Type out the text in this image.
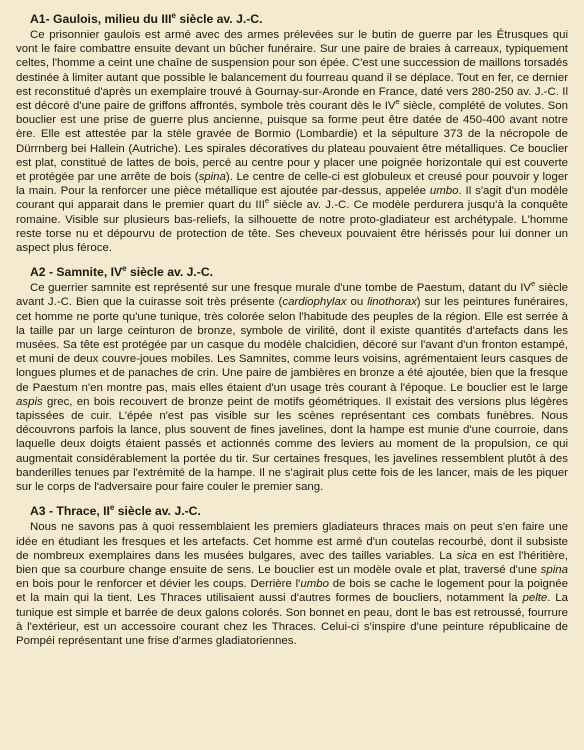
A1- Gaulois, milieu du IIIe siècle av. J.-C.

Ce prisonnier gaulois est armé avec des armes prélevées sur le butin de guerre par les Étrusques qui vont le faire combattre ensuite devant un bûcher funéraire. Sur une paire de braies à carreaux, typiquement celtes, l'homme a ceint une chaîne de suspension pour son épée. C'est une succession de maillons torsadés destinée à limiter autant que possible le balancement du fourreau quand il se déplace. Tout en fer, ce dernier est reconstitué d'après un exemplaire trouvé à Gournay-sur-Aronde en France, daté vers 280-250 av. J.-C. Il est décoré d'une paire de griffons affrontés, symbole très courant dès le IVe siècle, complété de volutes. Son bouclier est une prise de guerre plus ancienne, puisque sa forme peut être datée de 450-400 avant notre ère. Elle est attestée par la stèle gravée de Bormio (Lombardie) et la sépulture 373 de la nécropole de Dürrnberg bei Hallein (Autriche). Les spirales décoratives du plateau pouvaient être métalliques. Ce bouclier est plat, constitué de lattes de bois, percé au centre pour y placer une poignée horizontale qui est couverte et protégée par une arrête de bois (spina). Le centre de celle-ci est globuleux et creusé pour pouvoir y loger la main. Pour la renforcer une pièce métallique est ajoutée par-dessus, appelée umbo. Il s'agit d'un modèle courant qui apparait dans le premier quart du IIIe siècle av. J.-C. Ce modèle perdurera jusqu'à la conquête romaine. Visible sur plusieurs bas-reliefs, la silhouette de notre proto-gladiateur est archétypale. L'homme reste torse nu et dépourvu de protection de tête. Ses cheveux pouvaient être hérissés pour lui donner un aspect plus féroce.

A2 - Samnite, IVe siècle av. J.-C.

Ce guerrier samnite est représenté sur une fresque murale d'une tombe de Paestum, datant du IVe siècle avant J.-C. Bien que la cuirasse soit très présente (cardiophylax ou linothorax) sur les peintures funéraires, cet homme ne porte qu'une tunique, très colorée selon l'habitude des peuples de la région. Elle est serrée à la taille par un large ceinturon de bronze, symbole de virilité, dont il existe quantités d'artefacts dans les musées. Sa tête est protégée par un casque du modèle chalcidien, décoré sur l'avant d'un fronton estampé, et muni de deux couvre-joues mobiles. Les Samnites, comme leurs voisins, agrémentaient leurs casques de longues plumes et de panaches de crin. Une paire de jambières en bronze a été ajoutée, bien que la fresque de Paestum n'en montre pas, mais elles étaient d'un usage très courant à l'époque. Le bouclier est le large aspis grec, en bois recouvert de bronze peint de motifs géométriques. Il existait des versions plus légères tapissées de cuir. L'épée n'est pas visible sur les scènes représentant ces combats funèbres. Nous découvrons parfois la lance, plus souvent de fines javelines, dont la hampe est munie d'une courroie, dans laquelle deux doigts étaient passés et actionnés comme des leviers au moment de la propulsion, ce qui augmentait considérablement la portée du tir. Sur certaines fresques, les javelines ressemblent plutôt à des banderilles tenues par l'extrémité de la hampe. Il ne s'agirait plus cette fois de les lancer, mais de les piquer sur le corps de l'adversaire pour faire couler le premier sang.

A3 - Thrace, IIe siècle av. J.-C.

Nous ne savons pas à quoi ressemblaient les premiers gladiateurs thraces mais on peut s'en faire une idée en étudiant les fresques et les artefacts. Cet homme est armé d'un coutelas recourbé, dont il subsiste de nombreux exemplaires dans les musées bulgares, avec des tailles variables. La sica en est l'héritière, bien que sa courbure change ensuite de sens. Le bouclier est un modèle ovale et plat, traversé d'une spina en bois pour le renforcer et dévier les coups. Derrière l'umbo de bois se cache le logement pour la poignée et la main qui la tient. Les Thraces utilisaient aussi d'autres formes de boucliers, notamment la pelte. La tunique est simple et barrée de deux galons colorés. Son bonnet en peau, dont le bas est retroussé, fourrure à l'extérieur, est un accessoire courant chez les Thraces. Celui-ci s'inspire d'une peinture républicaine de Pompéi représentant une frise d'armes gladiatoriennes.
